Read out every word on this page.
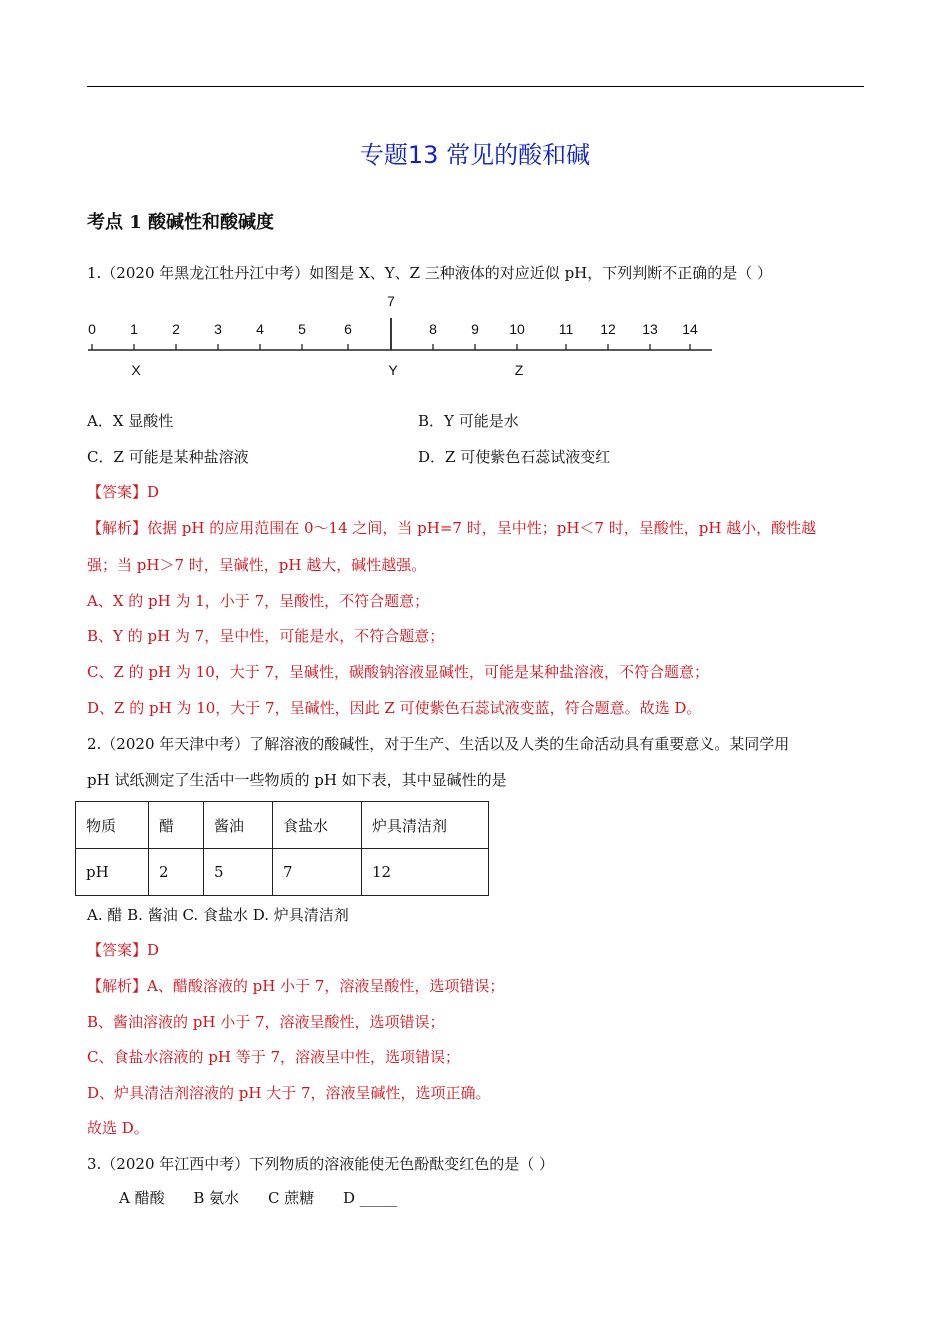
专题13 常见的酸和碱
考点 1 酸碱性和酸碱度
1.（2020 年黑龙江牡丹江中考）如图是 X、Y、Z 三种液体的对应近似 pH，下列判断不正确的是（ ）
0 1 2 3 4 5	6
7
8 9 10 11 12 13 14
X	Y	Z
A．X 显酸性	B．Y 可能是水
C．Z 可能是某种盐溶液	D．Z 可使紫色石蕊试液变红
【答案】D
【解析】依据 pH 的应用范围在 0～14 之间，当 pH=7 时，呈中性；pH＜7 时，呈酸性，pH 越小，酸性越
强；当 pH＞7 时，呈碱性，pH 越大，碱性越强。
A、X 的 pH 为 1，小于 7，呈酸性，不符合题意；
B、Y 的 pH 为 7，呈中性，可能是水，不符合题意；
C、Z 的 pH 为 10，大于 7，呈碱性，碳酸钠溶液显碱性，可能是某种盐溶液，不符合题意；
D、Z 的 pH 为 10，大于 7，呈碱性，因此 Z 可使紫色石蕊试液变蓝，符合题意。故选 D。
2.（2020 年天津中考）了解溶液的酸碱性，对于生产、生活以及人类的生命活动具有重要意义。某同学用
pH 试纸测定了生活中一些物质的 pH 如下表，其中显碱性的是
物质	醋	酱油	食盐水	炉具清洁剂
pH	2	5	7	12
A. 醋 B. 酱油 C. 食盐水 D. 炉具清洁剂
【答案】D
【解析】A、醋酸溶液的 pH 小于 7，溶液呈酸性，选项错误；
B、酱油溶液的 pH 小于 7，溶液呈酸性，选项错误；
C、食盐水溶液的 pH 等于 7，溶液呈中性，选项错误；
D、炉具清洁剂溶液的 pH 大于 7，溶液呈碱性，选项正确。
故选 D。
3.（2020 年江西中考）下列物质的溶液能使无色酚酞变红色的是（ ）
A 醋酸 B 氨水 C 蔗糖 D _____
